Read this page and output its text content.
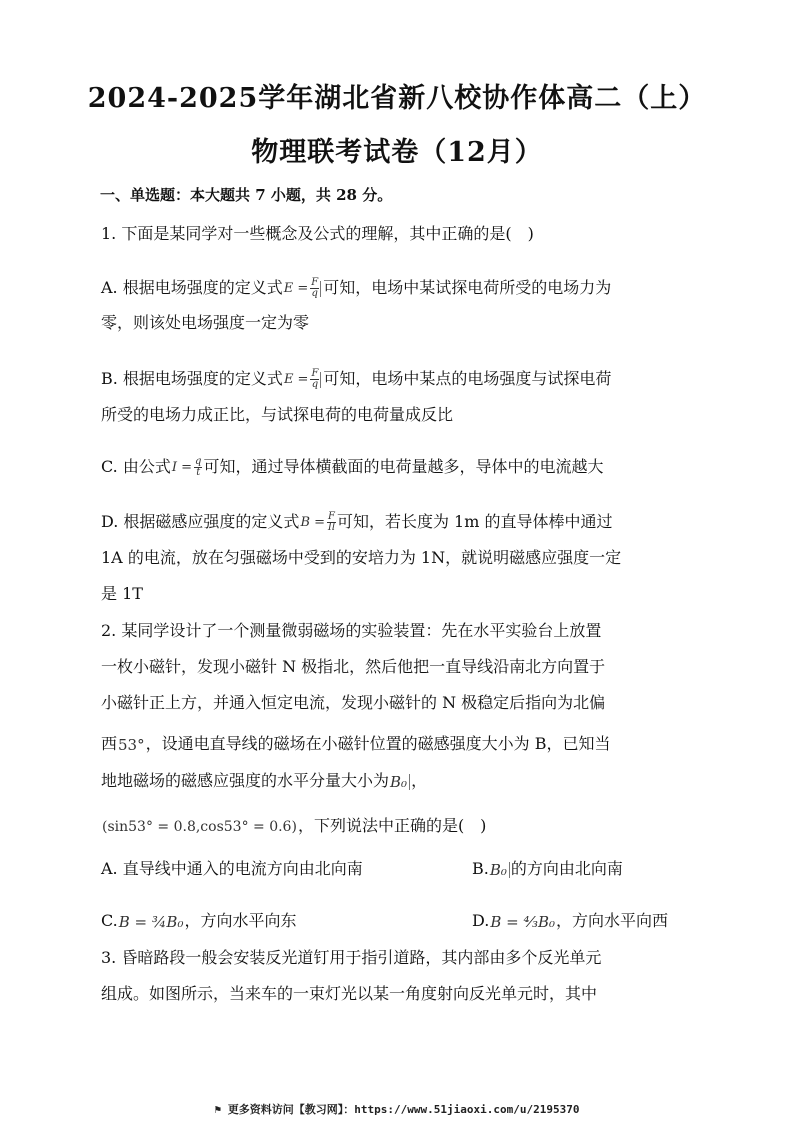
2024-2025学年湖北省新八校协作体高二（上）
物理联考试卷（12月）
一、单选题：本大题共 7 小题，共 28 分。
1. 下面是某同学对一些概念及公式的理解，其中正确的是(　)
A. 根据电场强度的定义式$E = \frac{F}{q}$ 可知，电场中某试探电荷所受的电场力为
零，则该处电场强度一定为零
B. 根据电场强度的定义式$E = \frac{F}{q}$ 可知，电场中某点的电场强度与试探电荷
所受的电场力成正比，与试探电荷的电荷量成反比
C. 由公式$I = \frac{q}{t}$ 可知，通过导体横截面的电荷量越多，导体中的电流越大
D. 根据磁感应强度的定义式$B = \frac{F}{Il}$ 可知，若长度为 1m 的直导体棒中通过
1A 的电流，放在匀强磁场中受到的安培力为 1N，就说明磁感应强度一定
是 1T
2. 某同学设计了一个测量微弱磁场的实验装置：先在水平实验台上放置
一枚小磁针，发现小磁针 N 极指北，然后他把一直导线沿南北方向置于
小磁针正上方，并通入恒定电流，发现小磁针的 N 极稳定后指向为北偏
西53°，设通电直导线的磁场在小磁针位置的磁感强度大小为 B，已知当
地地磁场的磁感应强度的水平分量大小为B₀ ，
(sin53° = 0.8,cos53° = 0.6)，下列说法中正确的是(　)
A. 直导线中通入的电流方向由北向南	B.B₀ 的方向由北向南
C.B = ¾B₀，方向水平向东	D.B = ⁴⁄₃B₀，方向水平向西
3. 昏暗路段一般会安装反光道钉用于指引道路，其内部由多个反光单元
组成。如图所示，当来车的一束灯光以某一角度射向反光单元时，其中
⚑ 更多资料访问【教习网】：https://www.51jiaoxi.com/u/2195370
